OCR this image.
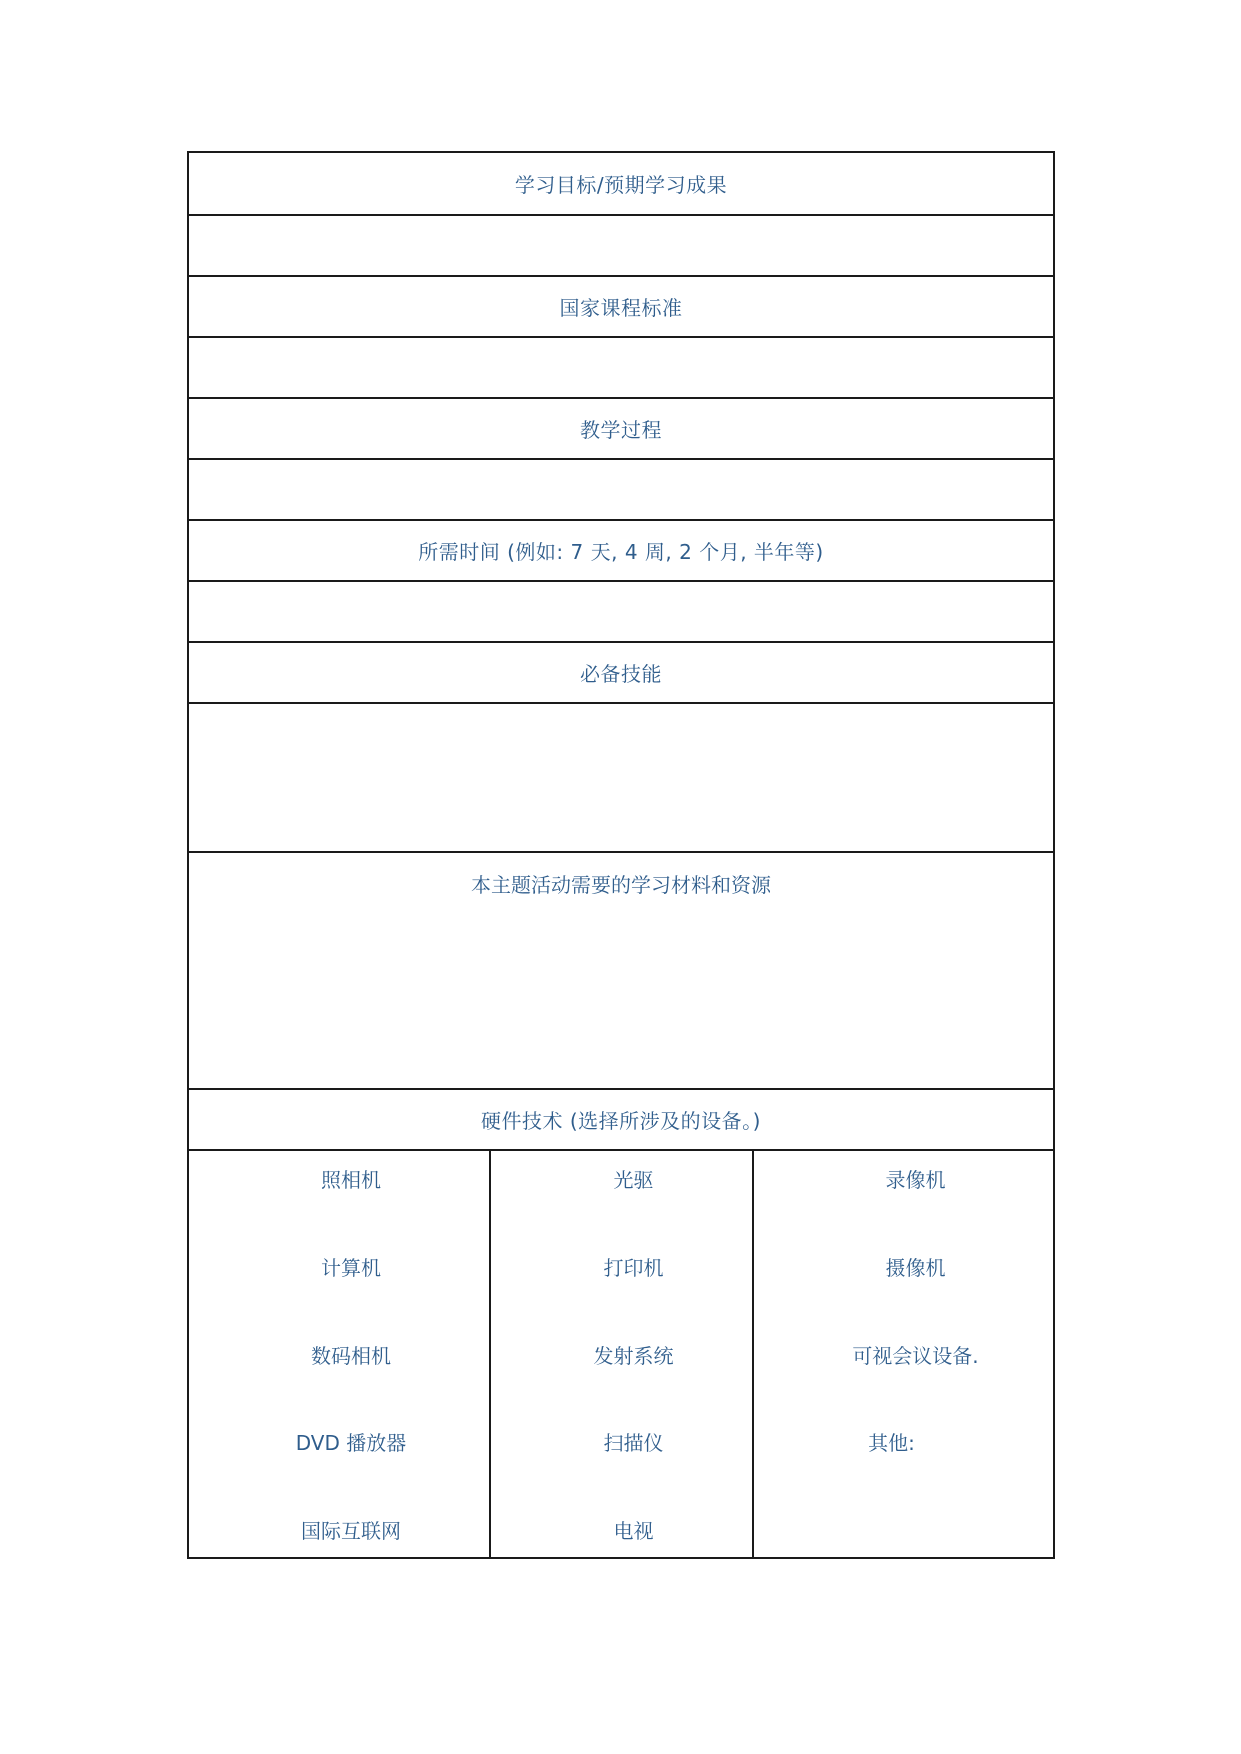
学习目标/预期学习成果
国家课程标准
教学过程
所需时间 (例如: 7 天, 4 周, 2 个月, 半年等)
必备技能
本主题活动需要的学习材料和资源
硬件技术 (选择所涉及的设备。)
照相机
计算机
数码相机
DVD 播放器
国际互联网
光驱
打印机
发射系统
扫描仪
电视
录像机
摄像机
可视会议设备.
其他:
